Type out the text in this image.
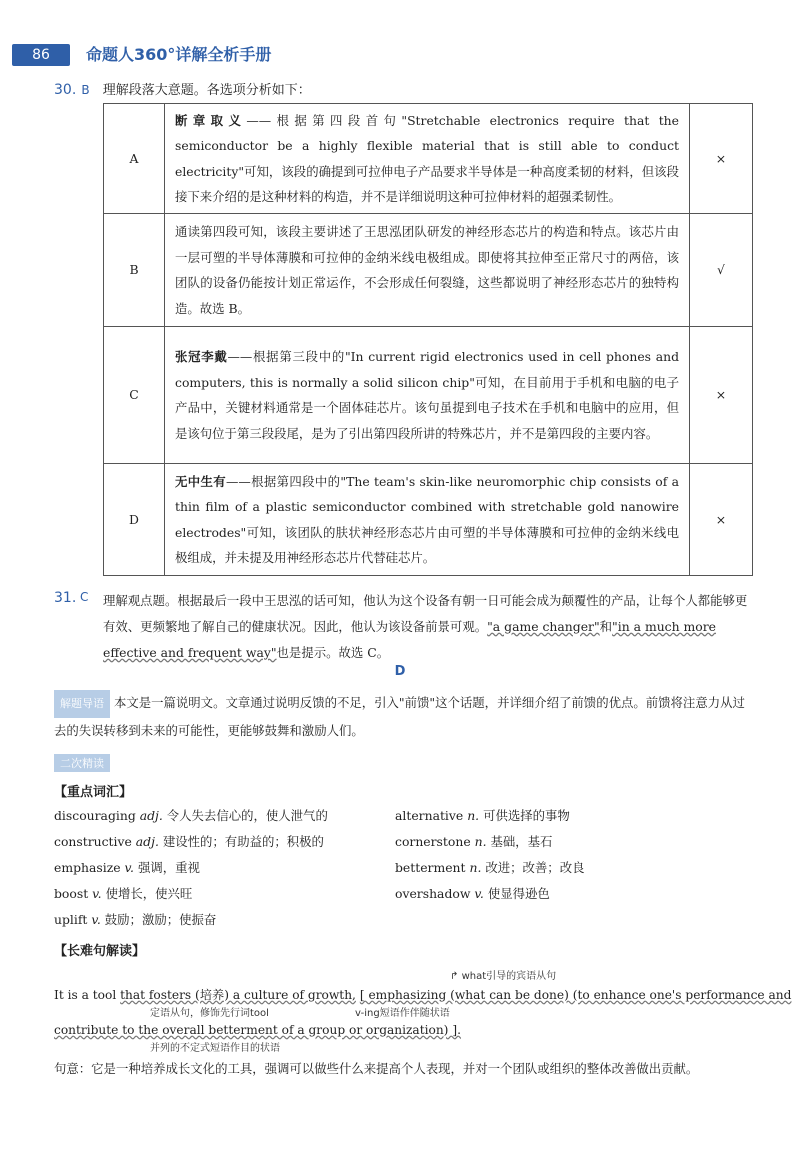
86	命题人360°详解全析手册
30. B 理解段落大意题。各选项分析如下：
A	断章取义——根据第四段首句"Stretchable electronics require that the semiconductor be a highly flexible material that is still able to conduct electricity"可知，该段的确提到可拉伸电子产品要求半导体是一种高度柔韧的材料，但该段接下来介绍的是这种材料的构造，并不是详细说明这种可拉伸材料的超强柔韧性。	×
B	通读第四段可知，该段主要讲述了王思泓团队研发的神经形态芯片的构造和特点。该芯片由一层可塑的半导体薄膜和可拉伸的金纳米线电极组成。即使将其拉伸至正常尺寸的两倍，该团队的设备仍能按计划正常运作，不会形成任何裂缝，这些都说明了神经形态芯片的独特构造。故选 B。	√
C	张冠李戴——根据第三段中的"In current rigid electronics used in cell phones and computers, this is normally a solid silicon chip"可知，在目前用于手机和电脑的电子产品中，关键材料通常是一个固体硅芯片。该句虽提到电子技术在手机和电脑中的应用，但是该句位于第三段段尾，是为了引出第四段所讲的特殊芯片，并不是第四段的主要内容。	×
D	无中生有——根据第四段中的"The team's skin-like neuromorphic chip consists of a thin film of a plastic semiconductor combined with stretchable gold nanowire electrodes"可知，该团队的肤状神经形态芯片由可塑的半导体薄膜和可拉伸的金纳米线电极组成，并未提及用神经形态芯片代替硅芯片。	×
31. C 理解观点题。根据最后一段中王思泓的话可知，他认为这个设备有朝一日可能会成为颠覆性的产品，让每个人都能够更有效、更频繁地了解自己的健康状况。因此，他认为该设备前景可观。"a game changer"和"in a much more effective and frequent way"也是提示。故选 C。
D
解题导语 本文是一篇说明文。文章通过说明反馈的不足，引入"前馈"这个话题，并详细介绍了前馈的优点。前馈将注意力从过去的失误转移到未来的可能性，更能够鼓舞和激励人们。
二次精读
【重点词汇】
discouraging adj. 令人失去信心的，使人泄气的
constructive adj. 建设性的；有助益的；积极的
emphasize v. 强调，重视
boost v. 使增长，使兴旺
uplift v. 鼓励；激励；使振奋
alternative n. 可供选择的事物
cornerstone n. 基础，基石
betterment n. 改进；改善；改良
overshadow v. 使显得逊色
【长难句解读】
↱ what引导的宾语从句
It is a tool that fosters (培养) a culture of growth, [ emphasizing (what can be done) (to enhance one's performance and
定语从句，修饰先行词tool	v-ing短语作伴随状语
contribute to the overall betterment of a group or organization) ].
并列的不定式短语作目的状语
句意：它是一种培养成长文化的工具，强调可以做些什么来提高个人表现，并对一个团队或组织的整体改善做出贡献。
